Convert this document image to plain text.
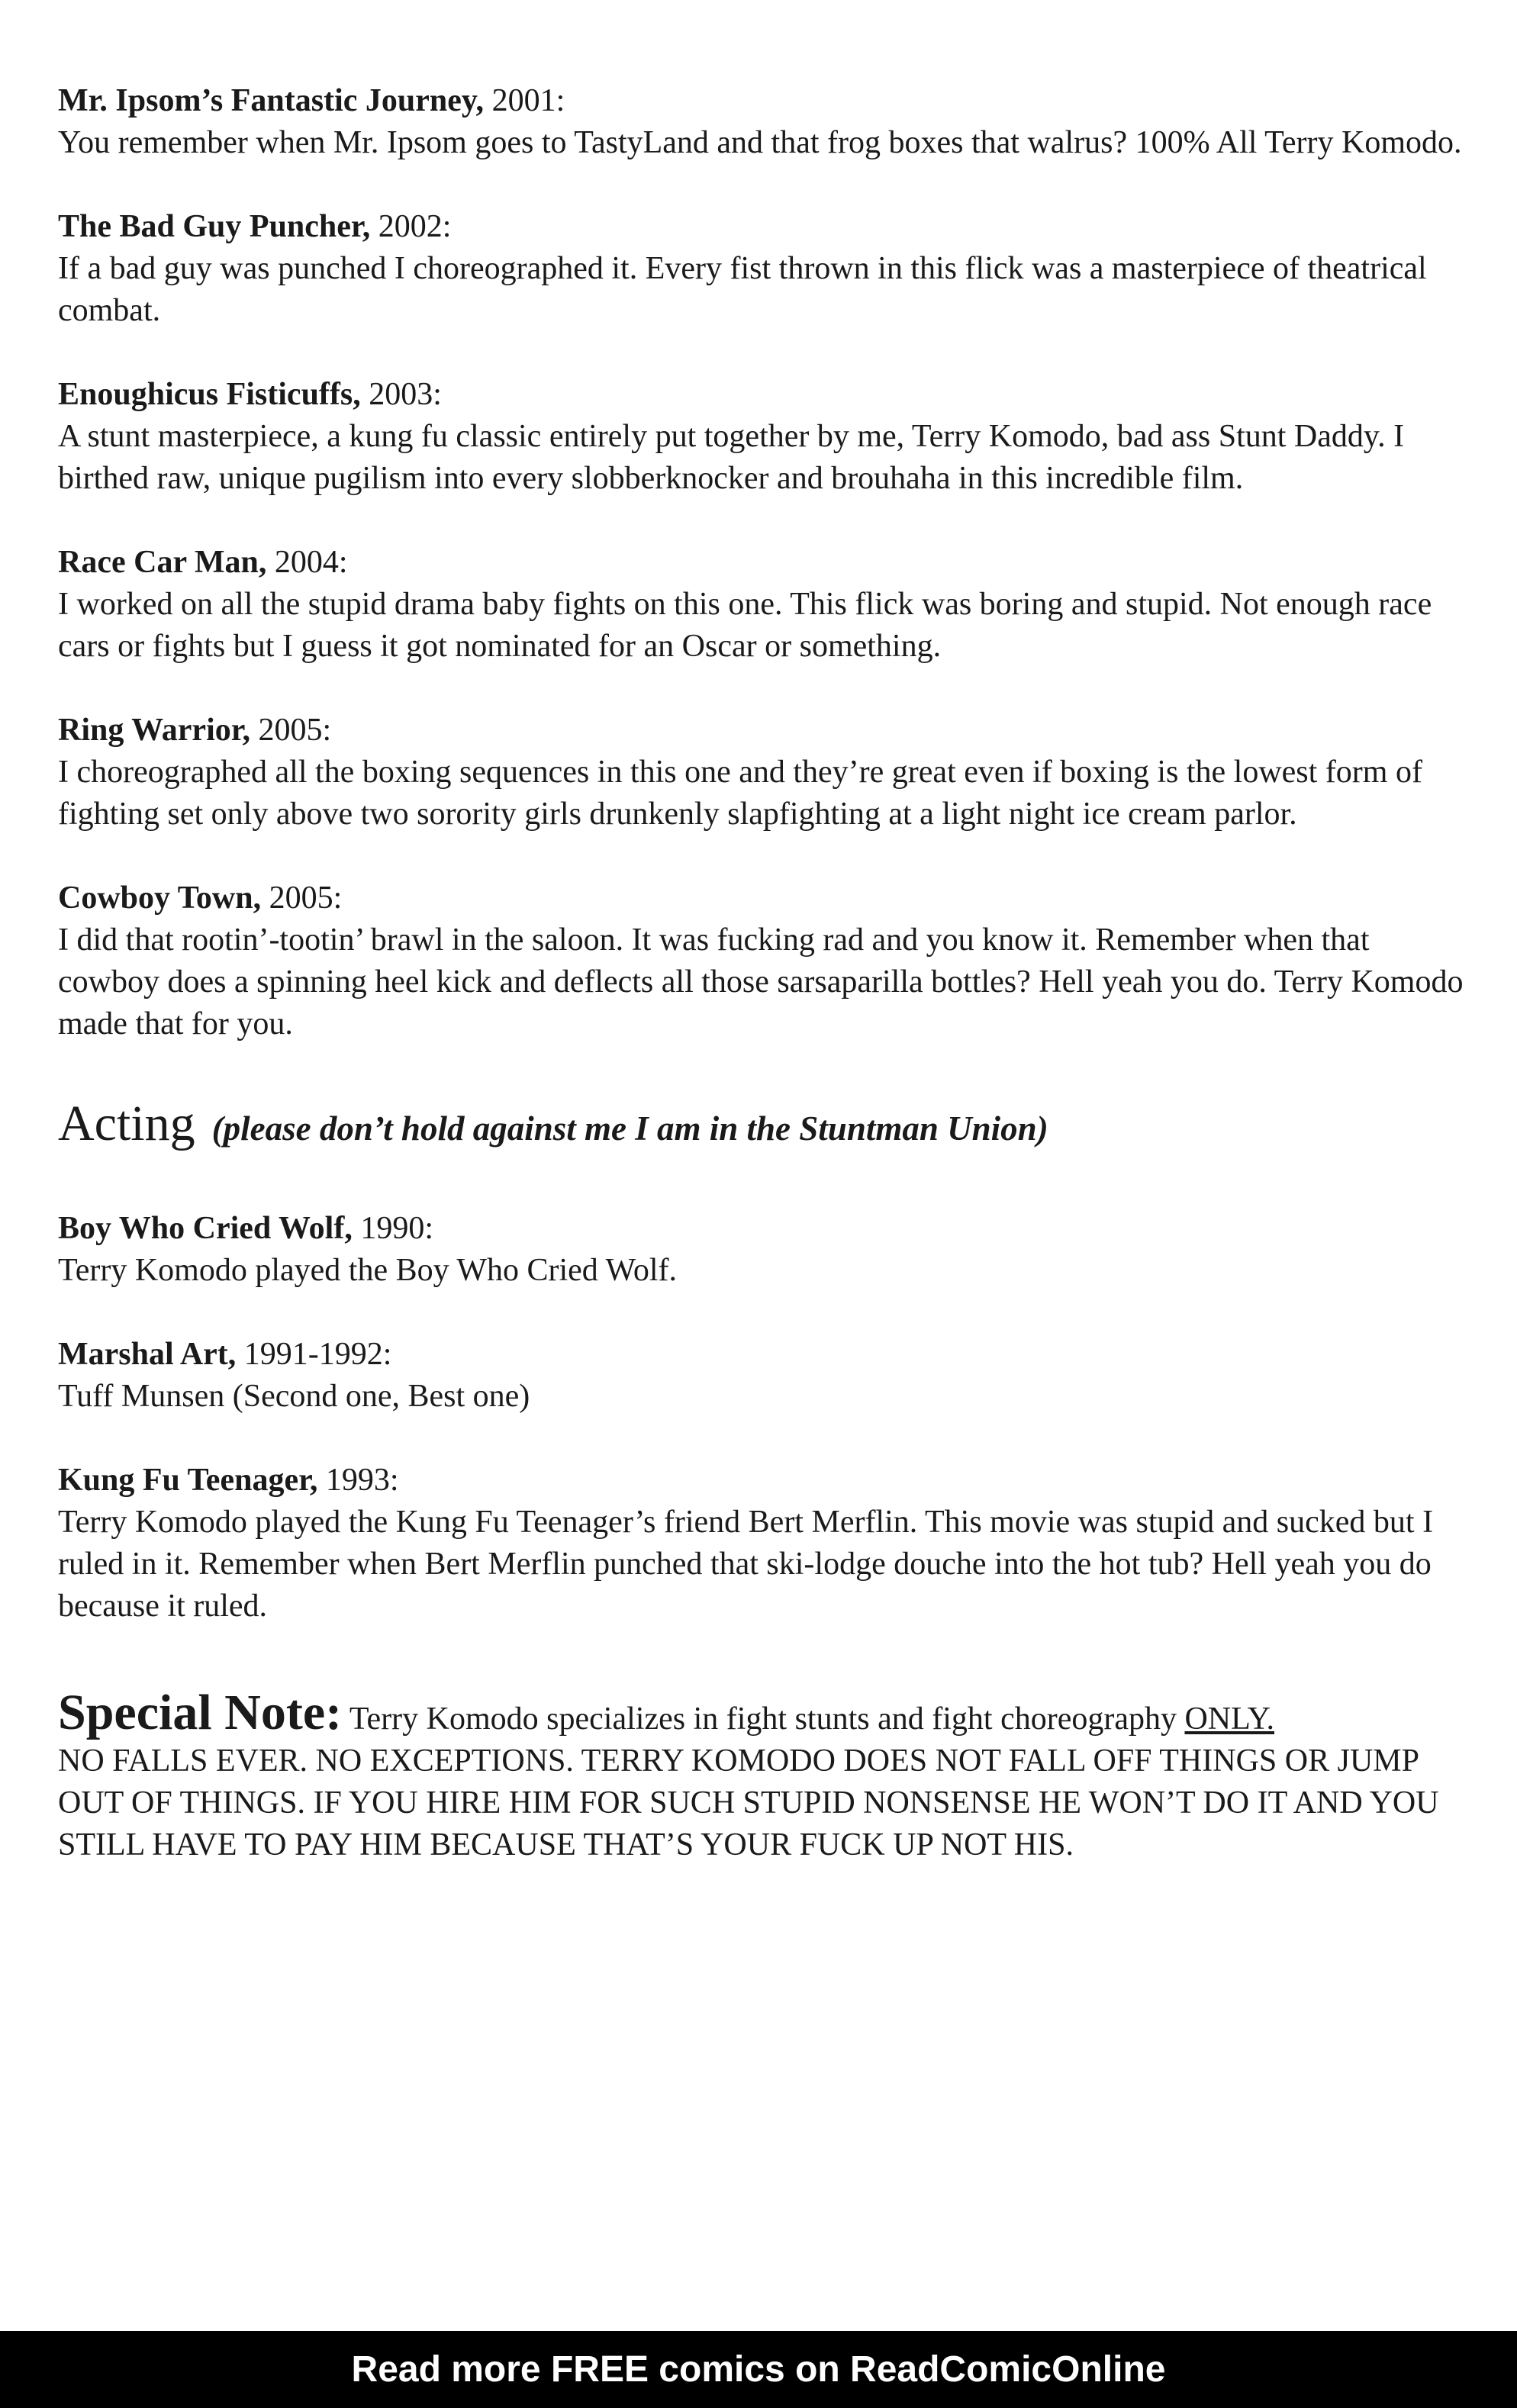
Mr. Ipsom’s Fantastic Journey, 2001:
You remember when Mr. Ipsom goes to TastyLand and that frog boxes that walrus? 100% All Terry Komodo.
The Bad Guy Puncher, 2002:
If a bad guy was punched I choreographed it. Every fist thrown in this flick was a masterpiece of theatrical combat.
Enoughicus Fisticuffs, 2003:
A stunt masterpiece, a kung fu classic entirely put together by me, Terry Komodo, bad ass Stunt Daddy. I birthed raw, unique pugilism into every slobberknocker and brouhaha in this incredible film.
Race Car Man, 2004:
I worked on all the stupid drama baby fights on this one. This flick was boring and stupid. Not enough race cars or fights but I guess it got nominated for an Oscar or something.
Ring Warrior, 2005:
I choreographed all the boxing sequences in this one and they’re great even if boxing is the lowest form of fighting set only above two sorority girls drunkenly slapfighting at a light night ice cream parlor.
Cowboy Town, 2005:
I did that rootin’-tootin’ brawl in the saloon. It was fucking rad and you know it. Remember when that cowboy does a spinning heel kick and deflects all those sarsaparilla bottles? Hell yeah you do. Terry Komodo made that for you.
Acting (please don’t hold against me I am in the Stuntman Union)
Boy Who Cried Wolf, 1990:
Terry Komodo played the Boy Who Cried Wolf.
Marshal Art, 1991-1992:
Tuff Munsen (Second one, Best one)
Kung Fu Teenager, 1993:
Terry Komodo played the Kung Fu Teenager’s friend Bert Merflin. This movie was stupid and sucked but I ruled in it. Remember when Bert Merflin punched that ski-lodge douche into the hot tub? Hell yeah you do because it ruled.
Special Note: Terry Komodo specializes in fight stunts and fight choreography ONLY.
NO FALLS EVER. NO EXCEPTIONS. TERRY KOMODO DOES NOT FALL OFF THINGS OR JUMP OUT OF THINGS. IF YOU HIRE HIM FOR SUCH STUPID NONSENSE HE WON’T DO IT AND YOU STILL HAVE TO PAY HIM BECAUSE THAT’S YOUR FUCK UP NOT HIS.
Read more FREE comics on ReadComicOnline
